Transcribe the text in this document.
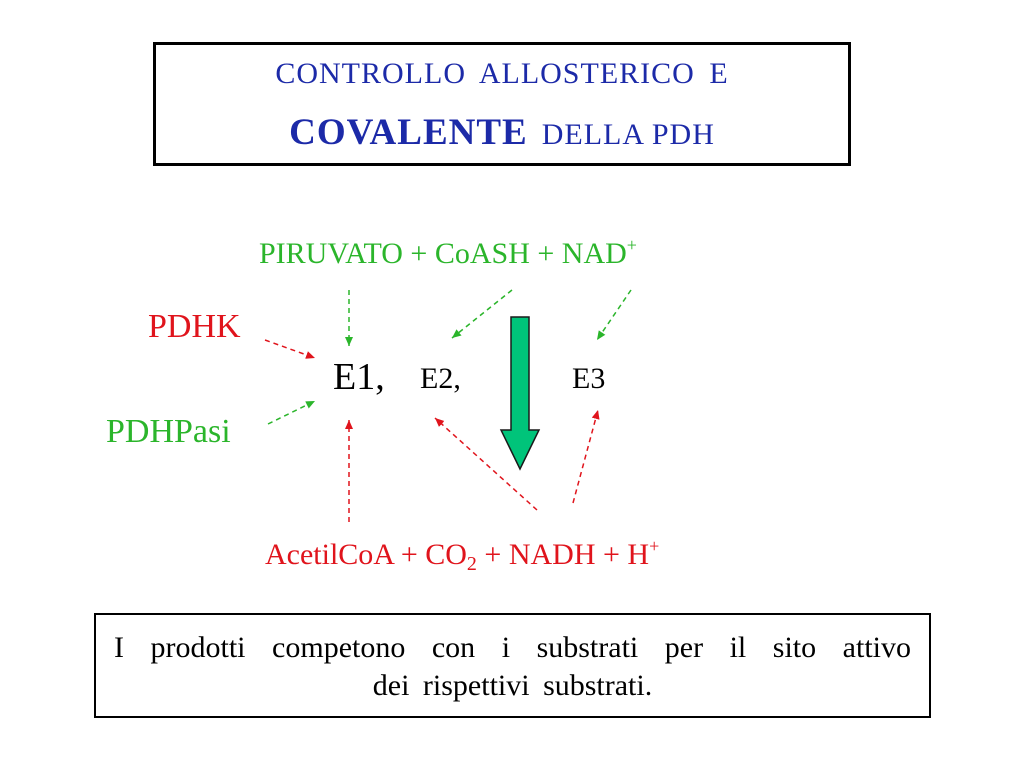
CONTROLLO ALLOSTERICO E
COVALENTE DELLA PDH
PIRUVATO + CoASH + NAD+
PDHK
PDHPasi
E1, E2,	E3
AcetilCoA + $CO_2$ + NADH + H+
I prodotti competono con i substrati per il sito attivo
dei rispettivi substrati.
